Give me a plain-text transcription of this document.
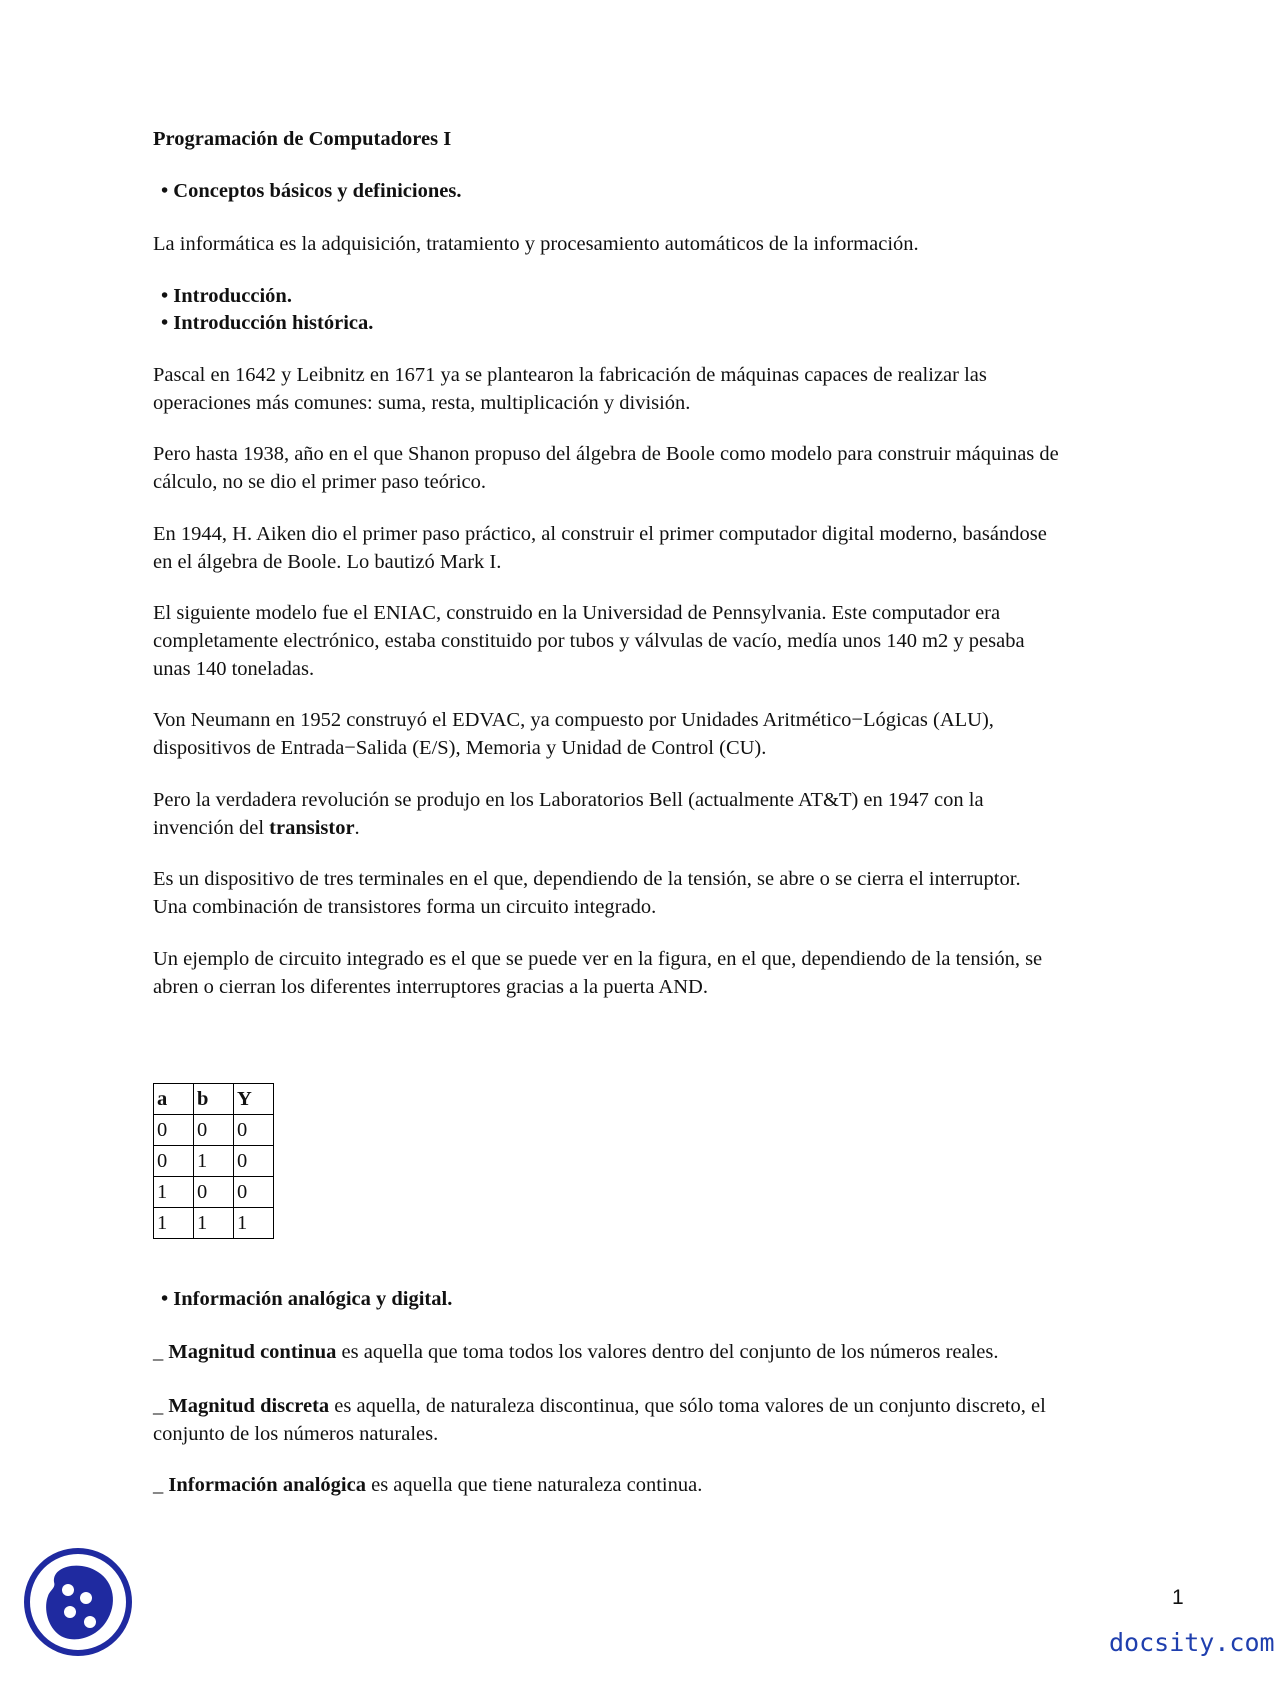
Programación de Computadores I
• Conceptos básicos y definiciones.
La informática es la adquisición, tratamiento y procesamiento automáticos de la información.
• Introducción.
• Introducción histórica.
Pascal en 1642 y Leibnitz en 1671 ya se plantearon la fabricación de máquinas capaces de realizar las
operaciones más comunes: suma, resta, multiplicación y división.
Pero hasta 1938, año en el que Shanon propuso del álgebra de Boole como modelo para construir máquinas de
cálculo, no se dio el primer paso teórico.
En 1944, H. Aiken dio el primer paso práctico, al construir el primer computador digital moderno, basándose
en el álgebra de Boole. Lo bautizó Mark I.
El siguiente modelo fue el ENIAC, construido en la Universidad de Pennsylvania. Este computador era
completamente electrónico, estaba constituido por tubos y válvulas de vacío, medía unos 140 m2 y pesaba
unas 140 toneladas.
Von Neumann en 1952 construyó el EDVAC, ya compuesto por Unidades Aritmético−Lógicas (ALU),
dispositivos de Entrada−Salida (E/S), Memoria y Unidad de Control (CU).
Pero la verdadera revolución se produjo en los Laboratorios Bell (actualmente AT&T) en 1947 con la
invención del transistor.
Es un dispositivo de tres terminales en el que, dependiendo de la tensión, se abre o se cierra el interruptor.
Una combinación de transistores forma un circuito integrado.
Un ejemplo de circuito integrado es el que se puede ver en la figura, en el que, dependiendo de la tensión, se
abren o cierran los diferentes interruptores gracias a la puerta AND.
• Información analógica y digital.
_ Magnitud continua es aquella que toma todos los valores dentro del conjunto de los números reales.
_ Magnitud discreta es aquella, de naturaleza discontinua, que sólo toma valores de un conjunto discreto, el
conjunto de los números naturales.
_ Información analógica es aquella que tiene naturaleza continua.
a	b	Y
0	0	0
0	1	0
1	0	0
1	1	1
1
docsity.com
